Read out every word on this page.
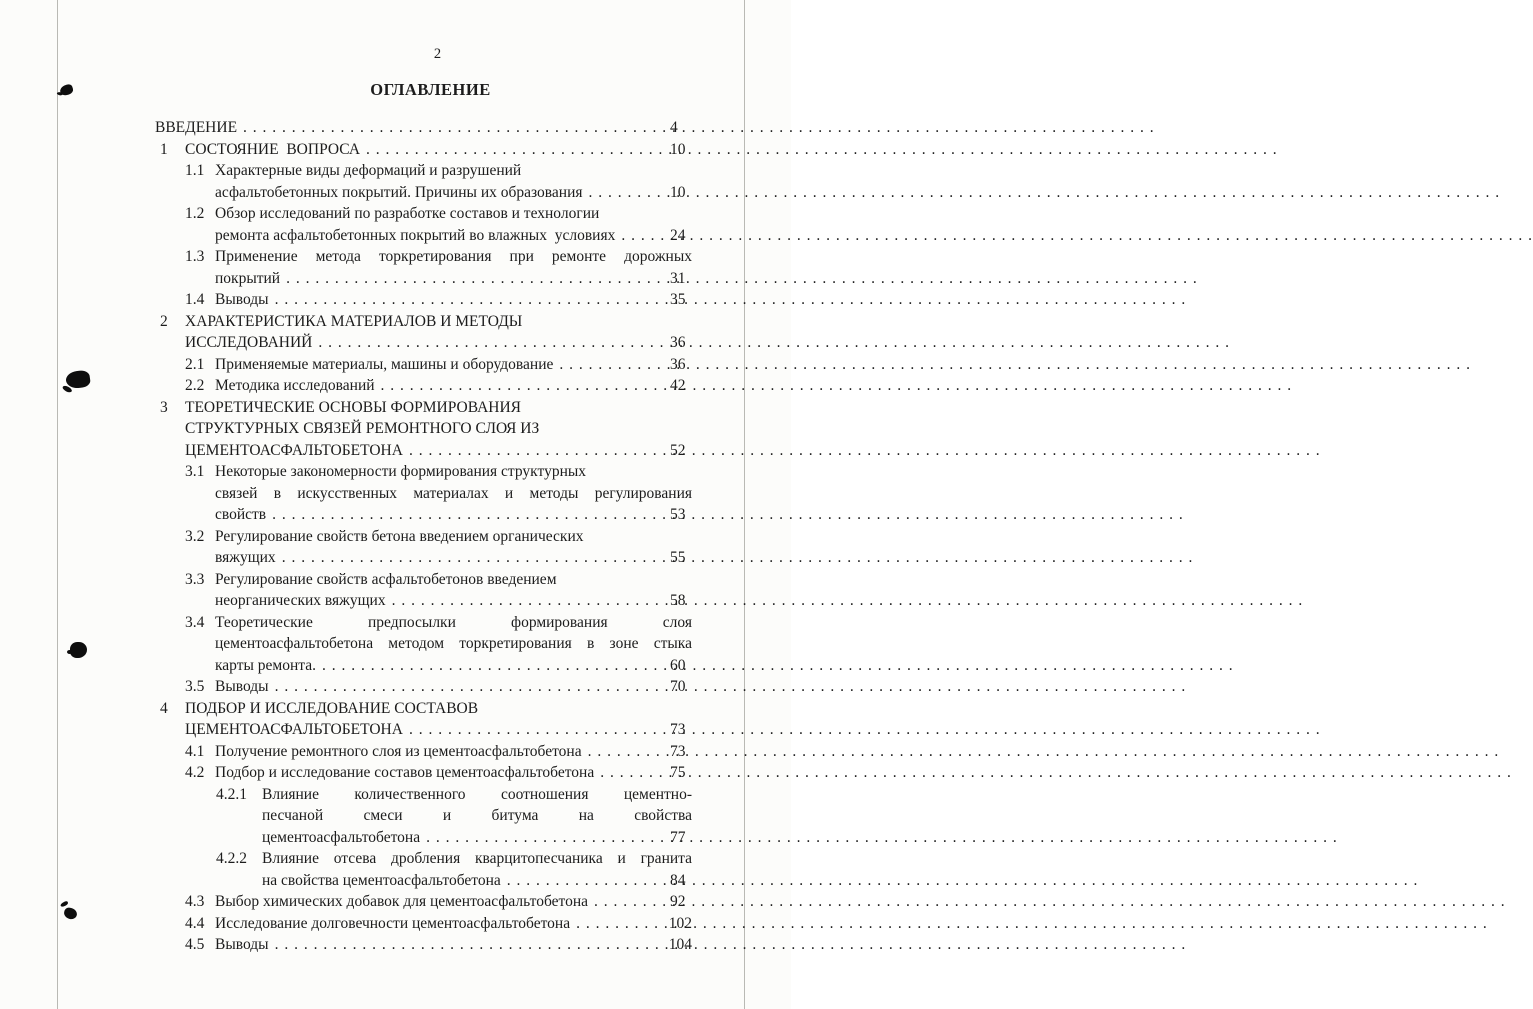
2
ОГЛАВЛЕНИЕ
ВВЕДЕНИЕ . . .	4
1 СОСТОЯНИЕ  ВОПРОСА . . .	10
1.1 Характерные виды деформаций и разрушений
асфальтобетонных покрытий. Причины их образования . . .	10
1.2 Обзор исследований по разработке составов и технологии
ремонта асфальтобетонных покрытий во влажных  условиях . . .	24
1.3 Применение метода торкретирования при ремонте дорожных
покрытий . . .	31
1.4 Выводы . . .	35
2 ХАРАКТЕРИСТИКА МАТЕРИАЛОВ И МЕТОДЫ
ИССЛЕДОВАНИЙ . . .	36
2.1 Применяемые материалы, машины и оборудование . . .	36
2.2 Методика исследований . . .	42
3 ТЕОРЕТИЧЕСКИЕ ОСНОВЫ ФОРМИРОВАНИЯ
СТРУКТУРНЫХ СВЯЗЕЙ РЕМОНТНОГО СЛОЯ ИЗ
ЦЕМЕНТОАСФАЛЬТОБЕТОНА . . .	52
3.1 Некоторые закономерности формирования структурных
связей в искусственных материалах и методы регулирования
свойств . . .	53
3.2 Регулирование свойств бетона введением органических
вяжущих . . .	55
3.3 Регулирование свойств асфальтобетонов введением
неорганических вяжущих . . .	58
3.4 Теоретические предпосылки формирования слоя
цементоасфальтобетона методом торкретирования в зоне стыка
карты ремонта. . . .	60
3.5 Выводы . . .	70
4 ПОДБОР И ИССЛЕДОВАНИЕ СОСТАВОВ
ЦЕМЕНТОАСФАЛЬТОБЕТОНА . . .	73
4.1 Получение ремонтного слоя из цементоасфальтобетона . . .	73
4.2 Подбор и исследование составов цементоасфальтобетона . . .	75
4.2.1 Влияние количественного соотношения цементно-
песчаной смеси и битума на свойства
цементоасфальтобетона . . .	77
4.2.2 Влияние отсева дробления кварцитопесчаника и гранита
на свойства цементоасфальтобетона . . .	84
4.3 Выбор химических добавок для цементоасфальтобетона . . .	92
4.4 Исследование долговечности цементоасфальтобетона . . .	102
4.5 Выводы . . .	104
